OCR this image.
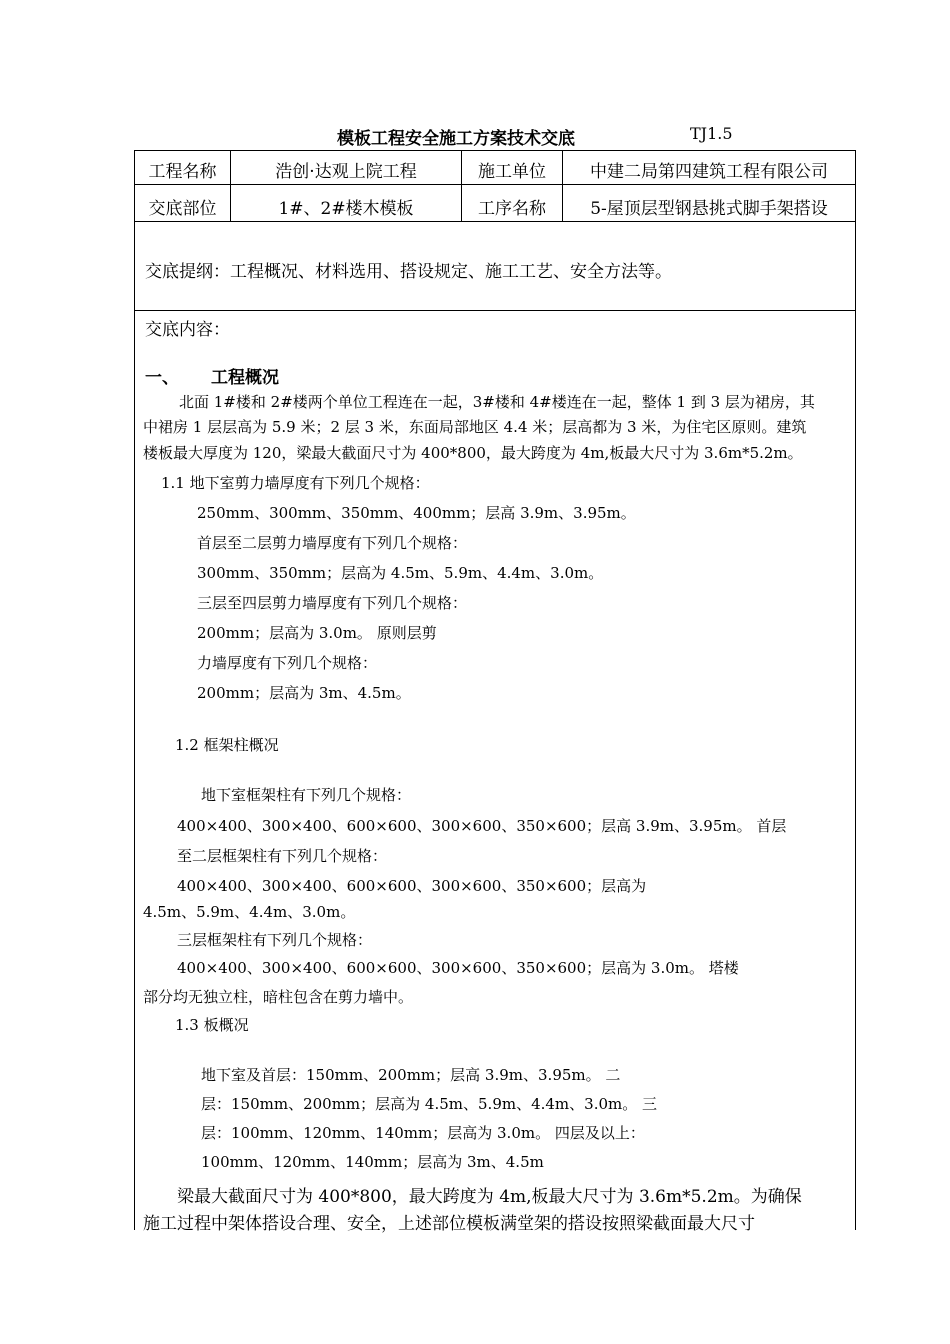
模板工程安全施工方案技术交底	TJ1.5
工程名称	浩创·达观上院工程	施工单位	中建二局第四建筑工程有限公司
交底部位	1#、2#楼木模板	工序名称	5-屋顶层型钢悬挑式脚手架搭设
交底提纲：工程概况、材料选用、搭设规定、施工工艺、安全方法等。
交底内容：
一、 工程概况
北面 1#楼和 2#楼两个单位工程连在一起，3#楼和 4#楼连在一起，整体 1 到 3 层为裙房，其
中裙房 1 层层高为 5.9 米；2 层 3 米，东面局部地区 4.4 米；层高都为 3 米，为住宅区原则。建筑
楼板最大厚度为 120，梁最大截面尺寸为 400*800，最大跨度为 4m,板最大尺寸为 3.6m*5.2m。
1.1 地下室剪力墙厚度有下列几个规格：
250mm、300mm、350mm、400mm；层高 3.9m、3.95m。
首层至二层剪力墙厚度有下列几个规格：
300mm、350mm；层高为 4.5m、5.9m、4.4m、3.0m。
三层至四层剪力墙厚度有下列几个规格：
200mm；层高为 3.0m。 原则层剪
力墙厚度有下列几个规格：
200mm；层高为 3m、4.5m。
1.2 框架柱概况
地下室框架柱有下列几个规格：
400×400、300×400、600×600、300×600、350×600；层高 3.9m、3.95m。 首层
至二层框架柱有下列几个规格：
400×400、300×400、600×600、300×600、350×600；层高为
4.5m、5.9m、4.4m、3.0m。
三层框架柱有下列几个规格：
400×400、300×400、600×600、300×600、350×600；层高为 3.0m。 塔楼
部分均无独立柱，暗柱包含在剪力墙中。
1.3 板概况
地下室及首层：150mm、200mm；层高 3.9m、3.95m。 二
层：150mm、200mm；层高为 4.5m、5.9m、4.4m、3.0m。 三
层：100mm、120mm、140mm；层高为 3.0m。 四层及以上：
100mm、120mm、140mm；层高为 3m、4.5m
梁最大截面尺寸为 400*800，最大跨度为 4m,板最大尺寸为 3.6m*5.2m。为确保
施工过程中架体搭设合理、安全，上述部位模板满堂架的搭设按照梁截面最大尺寸
